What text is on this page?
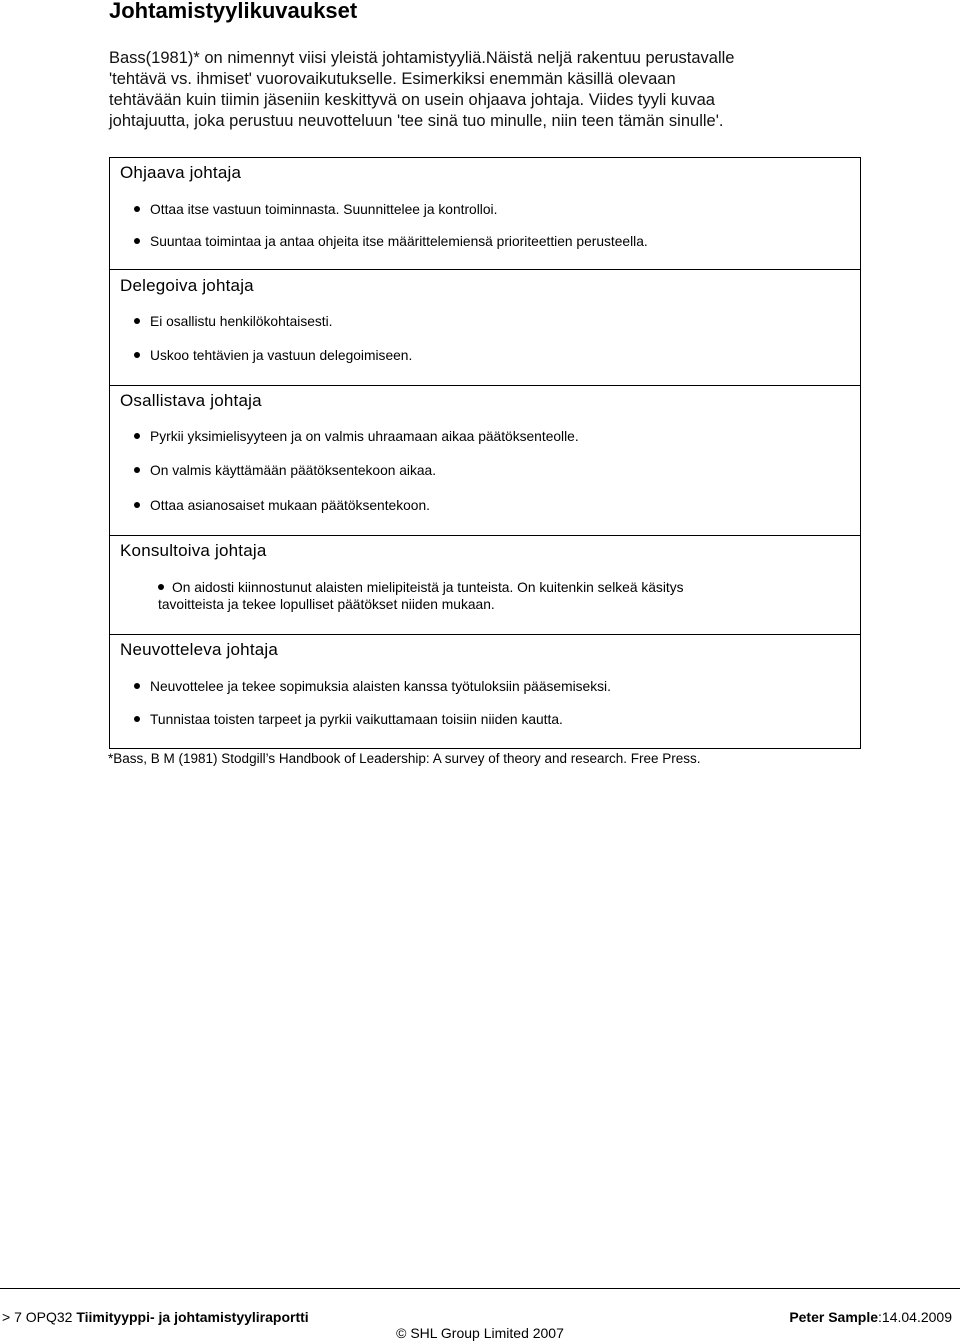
Johtamistyylikuvaukset
Bass(1981)* on nimennyt viisi yleistä johtamistyyliä.Näistä neljä rakentuu perustavalle
'tehtävä vs. ihmiset' vuorovaikutukselle. Esimerkiksi enemmän käsillä olevaan
tehtävään kuin tiimin jäseniin keskittyvä on usein ohjaava johtaja. Viides tyyli kuvaa
johtajuutta, joka perustuu neuvotteluun 'tee sinä tuo minulle, niin teen tämän sinulle'.
Ohjaava johtaja
Ottaa itse vastuun toiminnasta. Suunnittelee ja kontrolloi.
Suuntaa toimintaa ja antaa ohjeita itse määrittelemiensä prioriteettien perusteella.
Delegoiva johtaja
Ei osallistu henkilökohtaisesti.
Uskoo tehtävien ja vastuun delegoimiseen.
Osallistava johtaja
Pyrkii yksimielisyyteen ja on valmis uhraamaan aikaa päätöksenteolle.
On valmis käyttämään päätöksentekoon aikaa.
Ottaa asianosaiset mukaan päätöksentekoon.
Konsultoiva johtaja
On aidosti kiinnostunut alaisten mielipiteistä ja tunteista. On kuitenkin selkeä käsitys
tavoitteista ja tekee lopulliset päätökset niiden mukaan.
Neuvotteleva johtaja
Neuvottelee ja tekee sopimuksia alaisten kanssa työtuloksiin pääsemiseksi.
Tunnistaa toisten tarpeet ja pyrkii vaikuttamaan toisiin niiden kautta.

*Bass, B M (1981) Stodgill’s Handbook of Leadership: A survey of theory and research. Free Press.

> 7 OPQ32 Tiimityyppi- ja johtamistyyliraportti	Peter Sample:14.04.2009
© SHL Group Limited 2007
